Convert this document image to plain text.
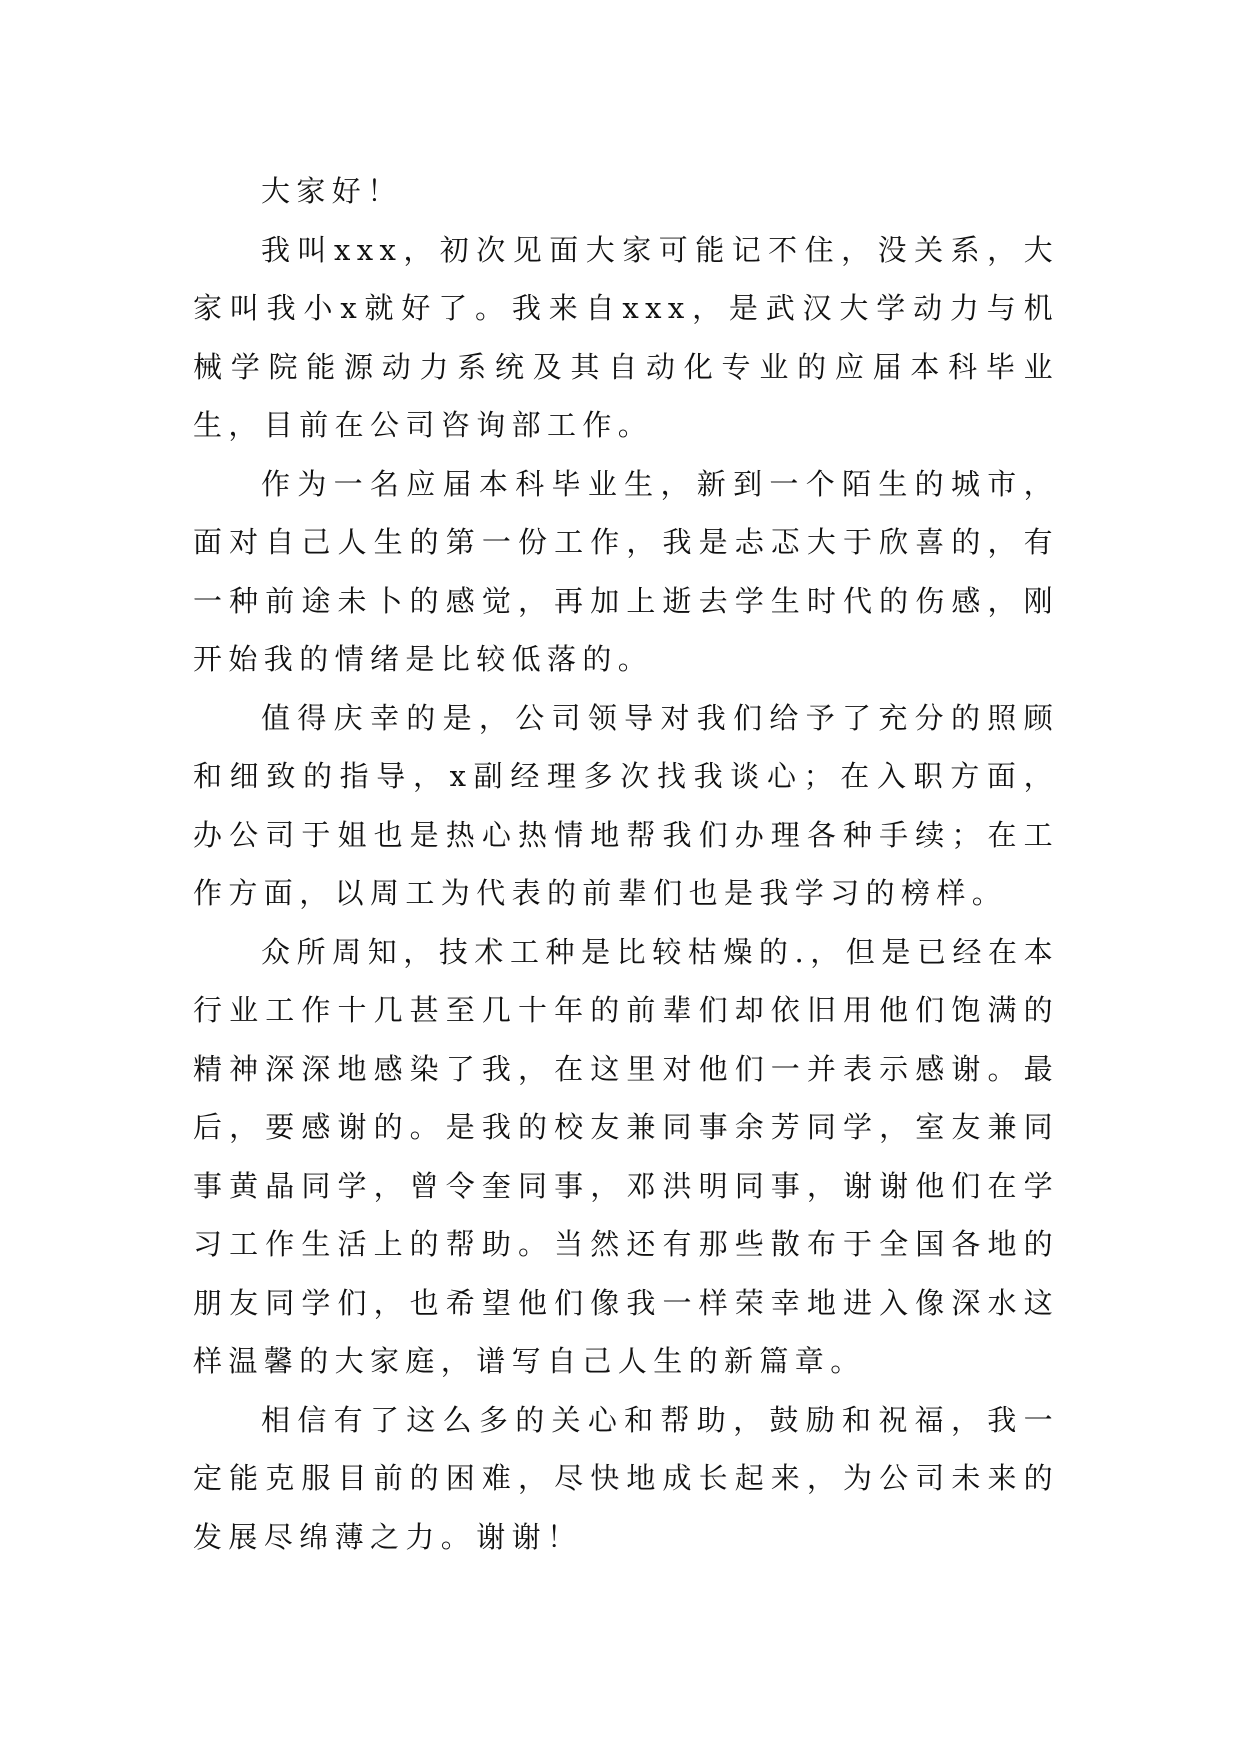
大家好！

我叫xxx，初次见面大家可能记不住，没关系，大家叫我小x就好了。我来自xxx，是武汉大学动力与机械学院能源动力系统及其自动化专业的应届本科毕业生，目前在公司咨询部工作。

作为一名应届本科毕业生，新到一个陌生的城市，面对自己人生的第一份工作，我是忐忑大于欣喜的，有一种前途未卜的感觉，再加上逝去学生时代的伤感，刚开始我的情绪是比较低落的。

值得庆幸的是，公司领导对我们给予了充分的照顾和细致的指导，x副经理多次找我谈心；在入职方面，办公司于姐也是热心热情地帮我们办理各种手续；在工作方面，以周工为代表的前辈们也是我学习的榜样。

众所周知，技术工种是比较枯燥的.，但是已经在本行业工作十几甚至几十年的前辈们却依旧用他们饱满的精神深深地感染了我，在这里对他们一并表示感谢。最后，要感谢的。是我的校友兼同事余芳同学，室友兼同事黄晶同学，曾令奎同事，邓洪明同事，谢谢他们在学习工作生活上的帮助。当然还有那些散布于全国各地的朋友同学们，也希望他们像我一样荣幸地进入像深水这样温馨的大家庭，谱写自己人生的新篇章。

相信有了这么多的关心和帮助，鼓励和祝福，我一定能克服目前的困难，尽快地成长起来，为公司未来的发展尽绵薄之力。谢谢！
